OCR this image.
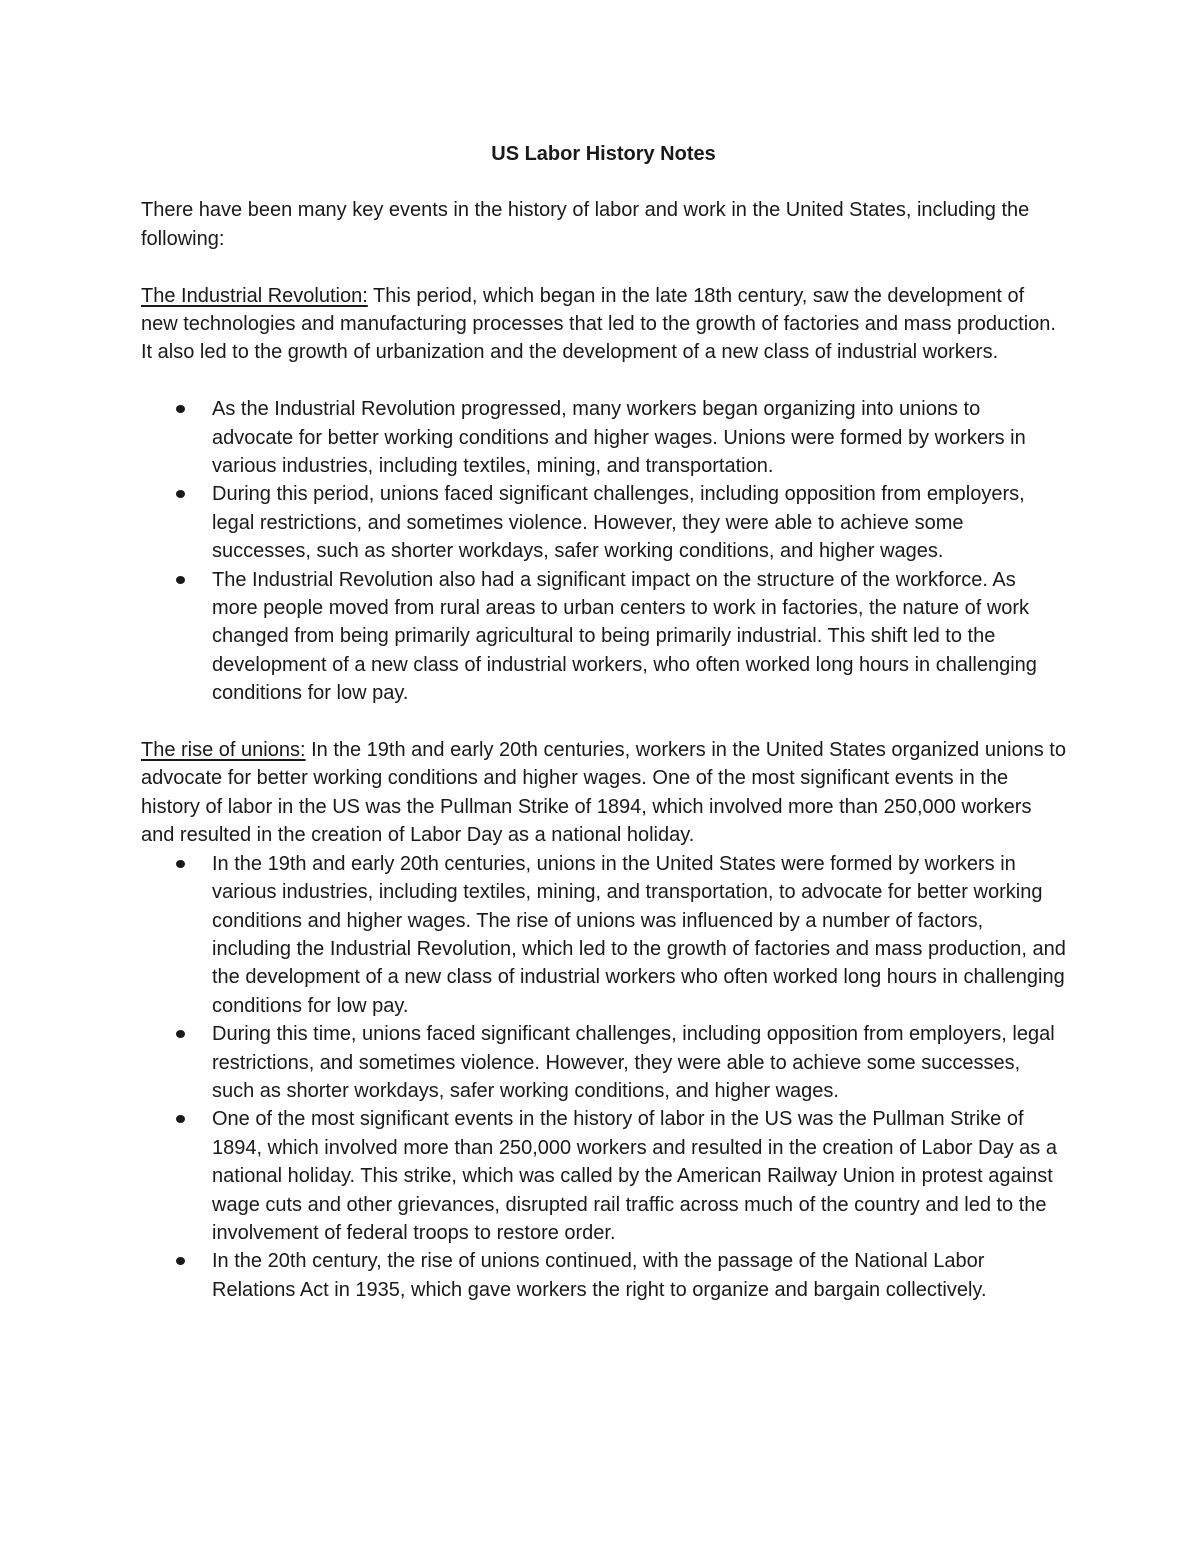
US Labor History Notes

There have been many key events in the history of labor and work in the United States, including the following:

The Industrial Revolution: This period, which began in the late 18th century, saw the development of new technologies and manufacturing processes that led to the growth of factories and mass production. It also led to the growth of urbanization and the development of a new class of industrial workers.

As the Industrial Revolution progressed, many workers began organizing into unions to advocate for better working conditions and higher wages. Unions were formed by workers in various industries, including textiles, mining, and transportation.
During this period, unions faced significant challenges, including opposition from employers, legal restrictions, and sometimes violence. However, they were able to achieve some successes, such as shorter workdays, safer working conditions, and higher wages.
The Industrial Revolution also had a significant impact on the structure of the workforce. As more people moved from rural areas to urban centers to work in factories, the nature of work changed from being primarily agricultural to being primarily industrial. This shift led to the development of a new class of industrial workers, who often worked long hours in challenging conditions for low pay.

The rise of unions: In the 19th and early 20th centuries, workers in the United States organized unions to advocate for better working conditions and higher wages. One of the most significant events in the history of labor in the US was the Pullman Strike of 1894, which involved more than 250,000 workers and resulted in the creation of Labor Day as a national holiday.

In the 19th and early 20th centuries, unions in the United States were formed by workers in various industries, including textiles, mining, and transportation, to advocate for better working conditions and higher wages. The rise of unions was influenced by a number of factors, including the Industrial Revolution, which led to the growth of factories and mass production, and the development of a new class of industrial workers who often worked long hours in challenging conditions for low pay.
During this time, unions faced significant challenges, including opposition from employers, legal restrictions, and sometimes violence. However, they were able to achieve some successes, such as shorter workdays, safer working conditions, and higher wages.
One of the most significant events in the history of labor in the US was the Pullman Strike of 1894, which involved more than 250,000 workers and resulted in the creation of Labor Day as a national holiday. This strike, which was called by the American Railway Union in protest against wage cuts and other grievances, disrupted rail traffic across much of the country and led to the involvement of federal troops to restore order.
In the 20th century, the rise of unions continued, with the passage of the National Labor Relations Act in 1935, which gave workers the right to organize and bargain collectively.
